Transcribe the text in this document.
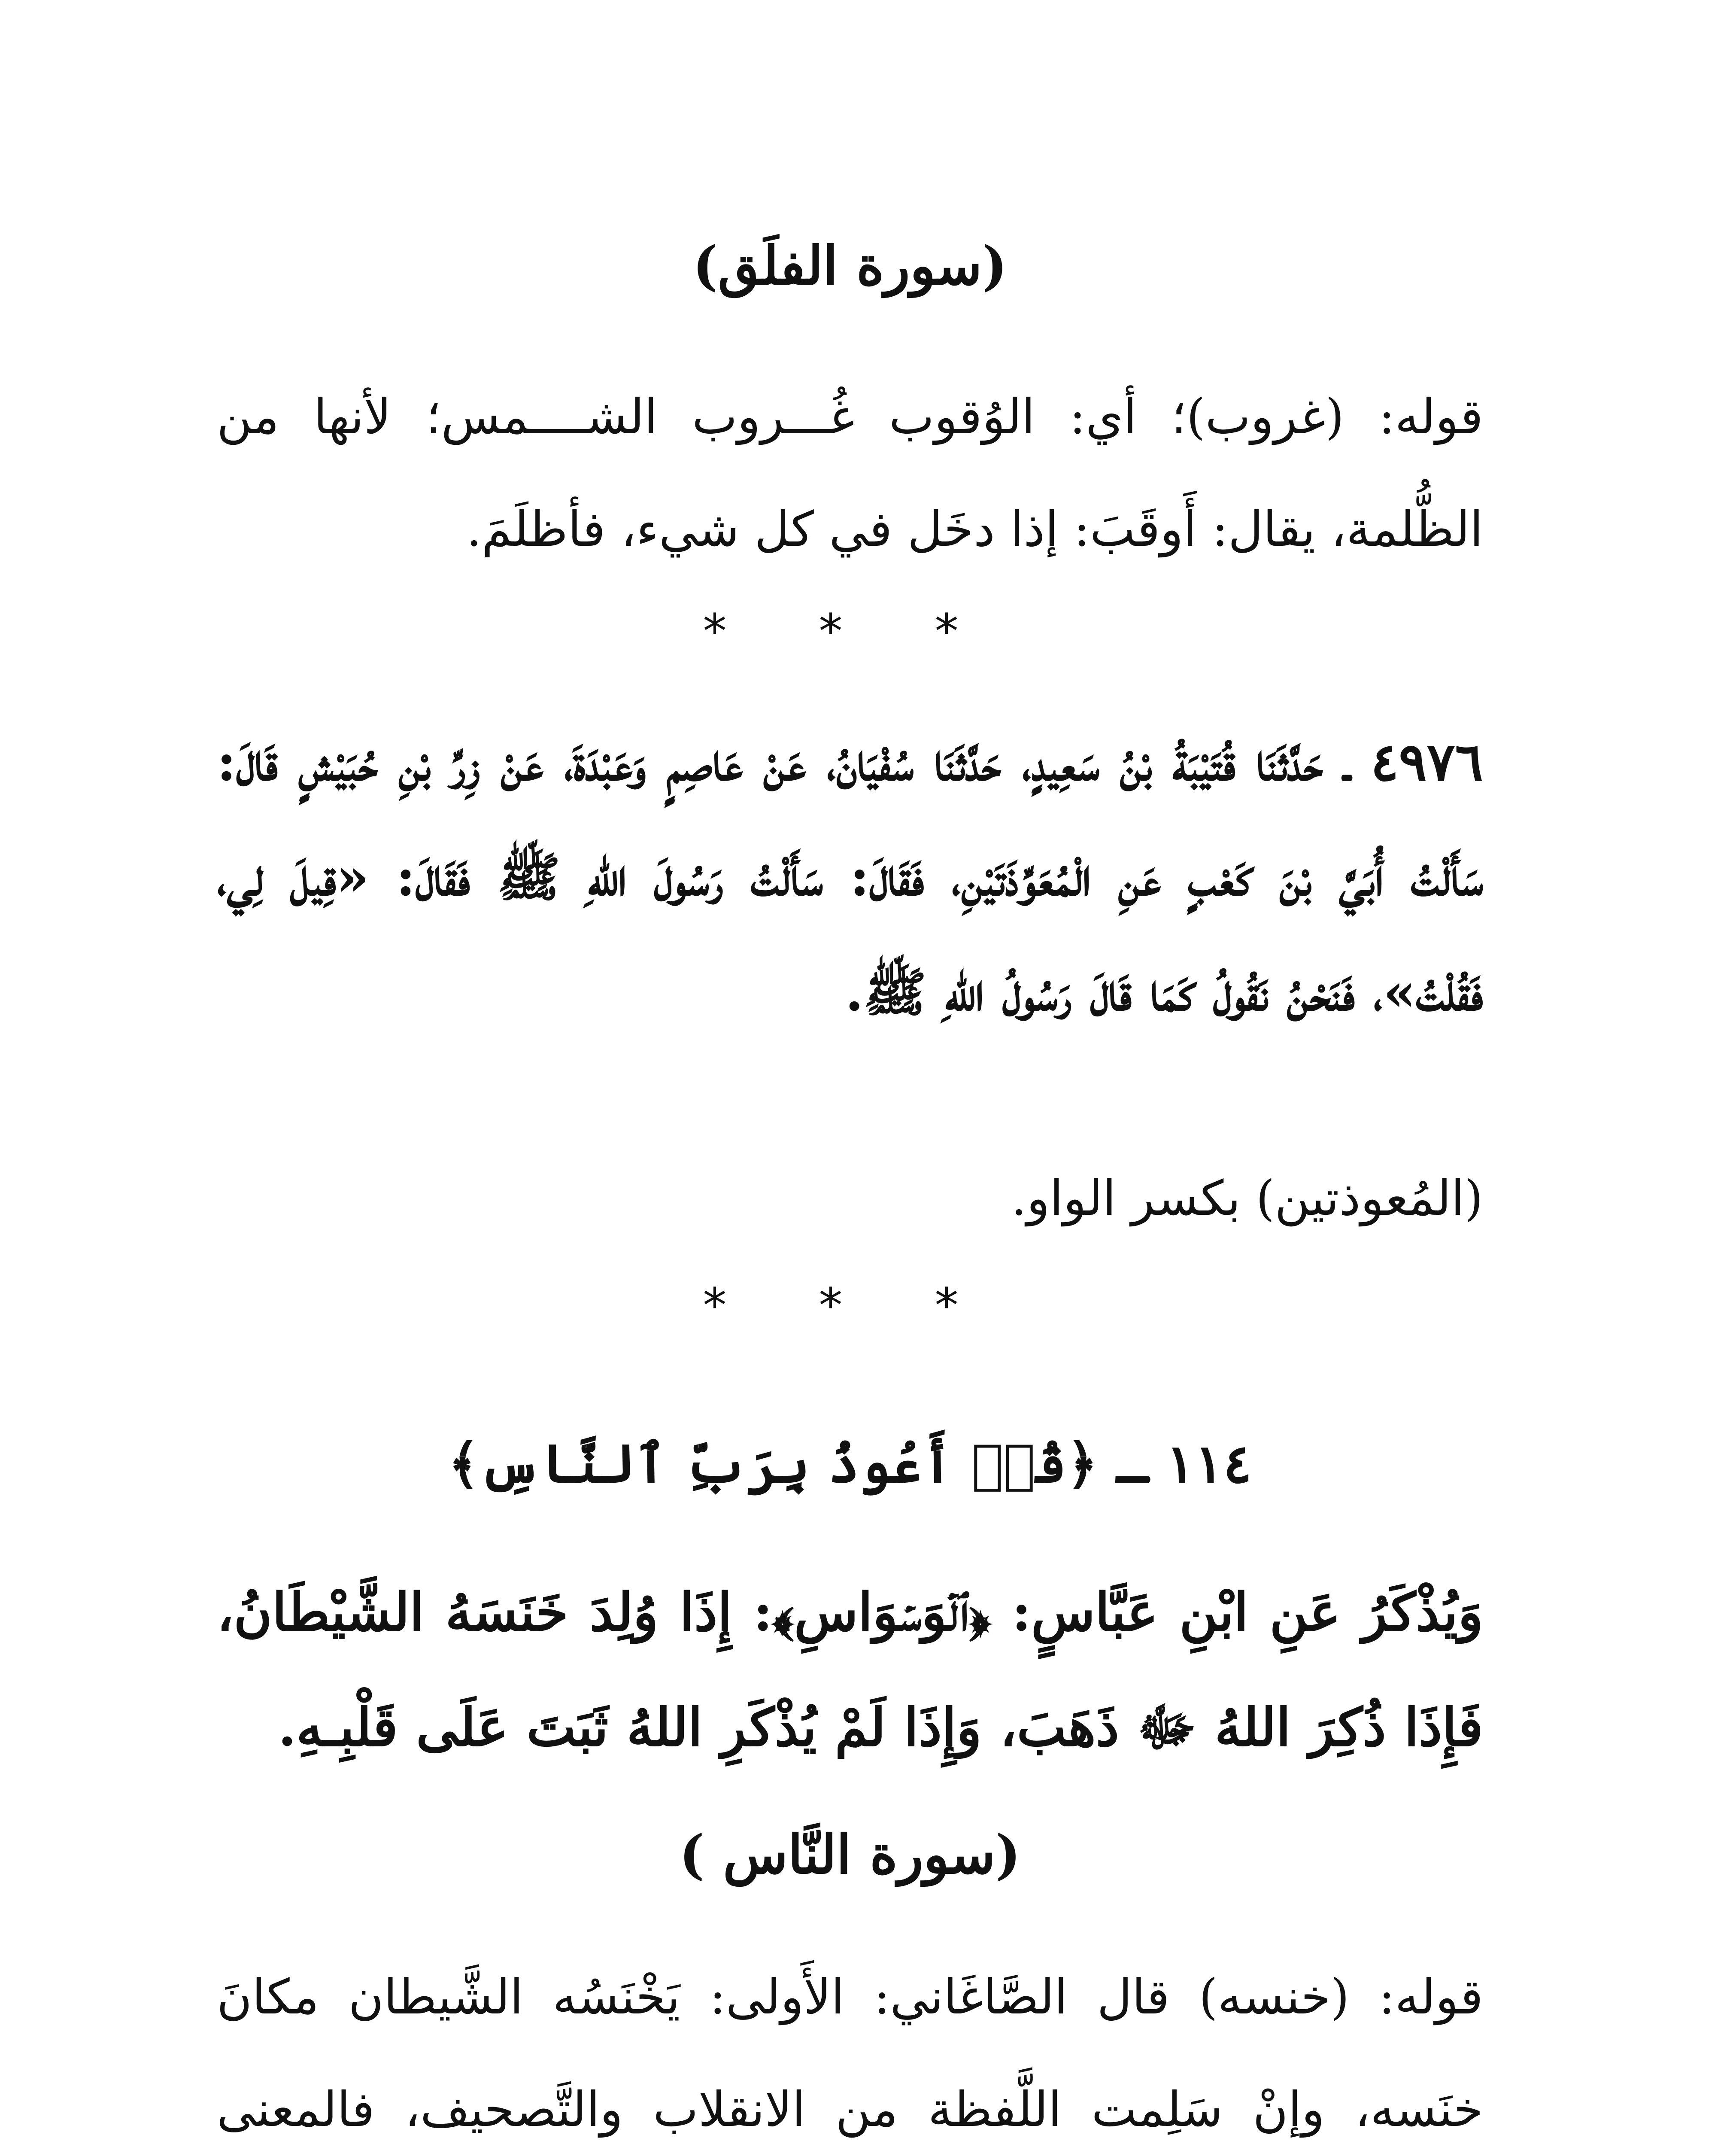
(سورة الفلَق)
قوله: (غروب)؛ أي: الوُقوب غُـــروب الشــــمس؛ لأنها من الظُّلمة، يقال: أَوقَبَ: إذا دخَل في كل شيء، فأظلَمَ.
* * *
٤٩٧٦ ـ حَدَّثَنَا قُتَيْبَةُ بْنُ سَعِيدٍ، حَدَّثَنَا سُفْيَانُ، عَنْ عَاصِمٍ وَعَبْدَةَ، عَنْ زِرِّ بْنِ حُبَيْشٍ قَالَ: سَأَلْتُ أُبَيَّ بْنَ كَعْبٍ عَنِ الْمُعَوِّذَتَيْنِ، فَقَالَ: سَأَلْتُ رَسُولَ اللهِ ﷺ فَقَالَ: «قِيلَ لِي، فَقُلْتُ»، فَنَحْنُ نَقُولُ كَمَا قَالَ رَسُولُ اللهِ ﷺ.
(المُعوذتين) بكسر الواو.
* * *
١١٤ ـ ﴿قُلۡ أَعُوذُ بِرَبِّ ٱلنَّاسِ﴾
وَيُذْكَرُ عَنِ ابْنِ عَبَّاسٍ: ﴿ٱلۡوَسۡوَاسِ﴾: إِذَا وُلِدَ خَنَسَهُ الشَّيْطَانُ، فَإِذَا ذُكِرَ اللهُ ﷻ ذَهَبَ، وَإِذَا لَمْ يُذْكَرِ اللهُ ثَبَتَ عَلَى قَلْبِـهِ.
(سورة النَّاس )
قوله: (خنسه) قال الصَّاغَاني: الأَولى: يَخْنَسُه الشَّيطان مكانَ خنَسه، وإنْ سَلِمت اللَّفظة من الانقلاب والتَّصحيف، فالمعنى
